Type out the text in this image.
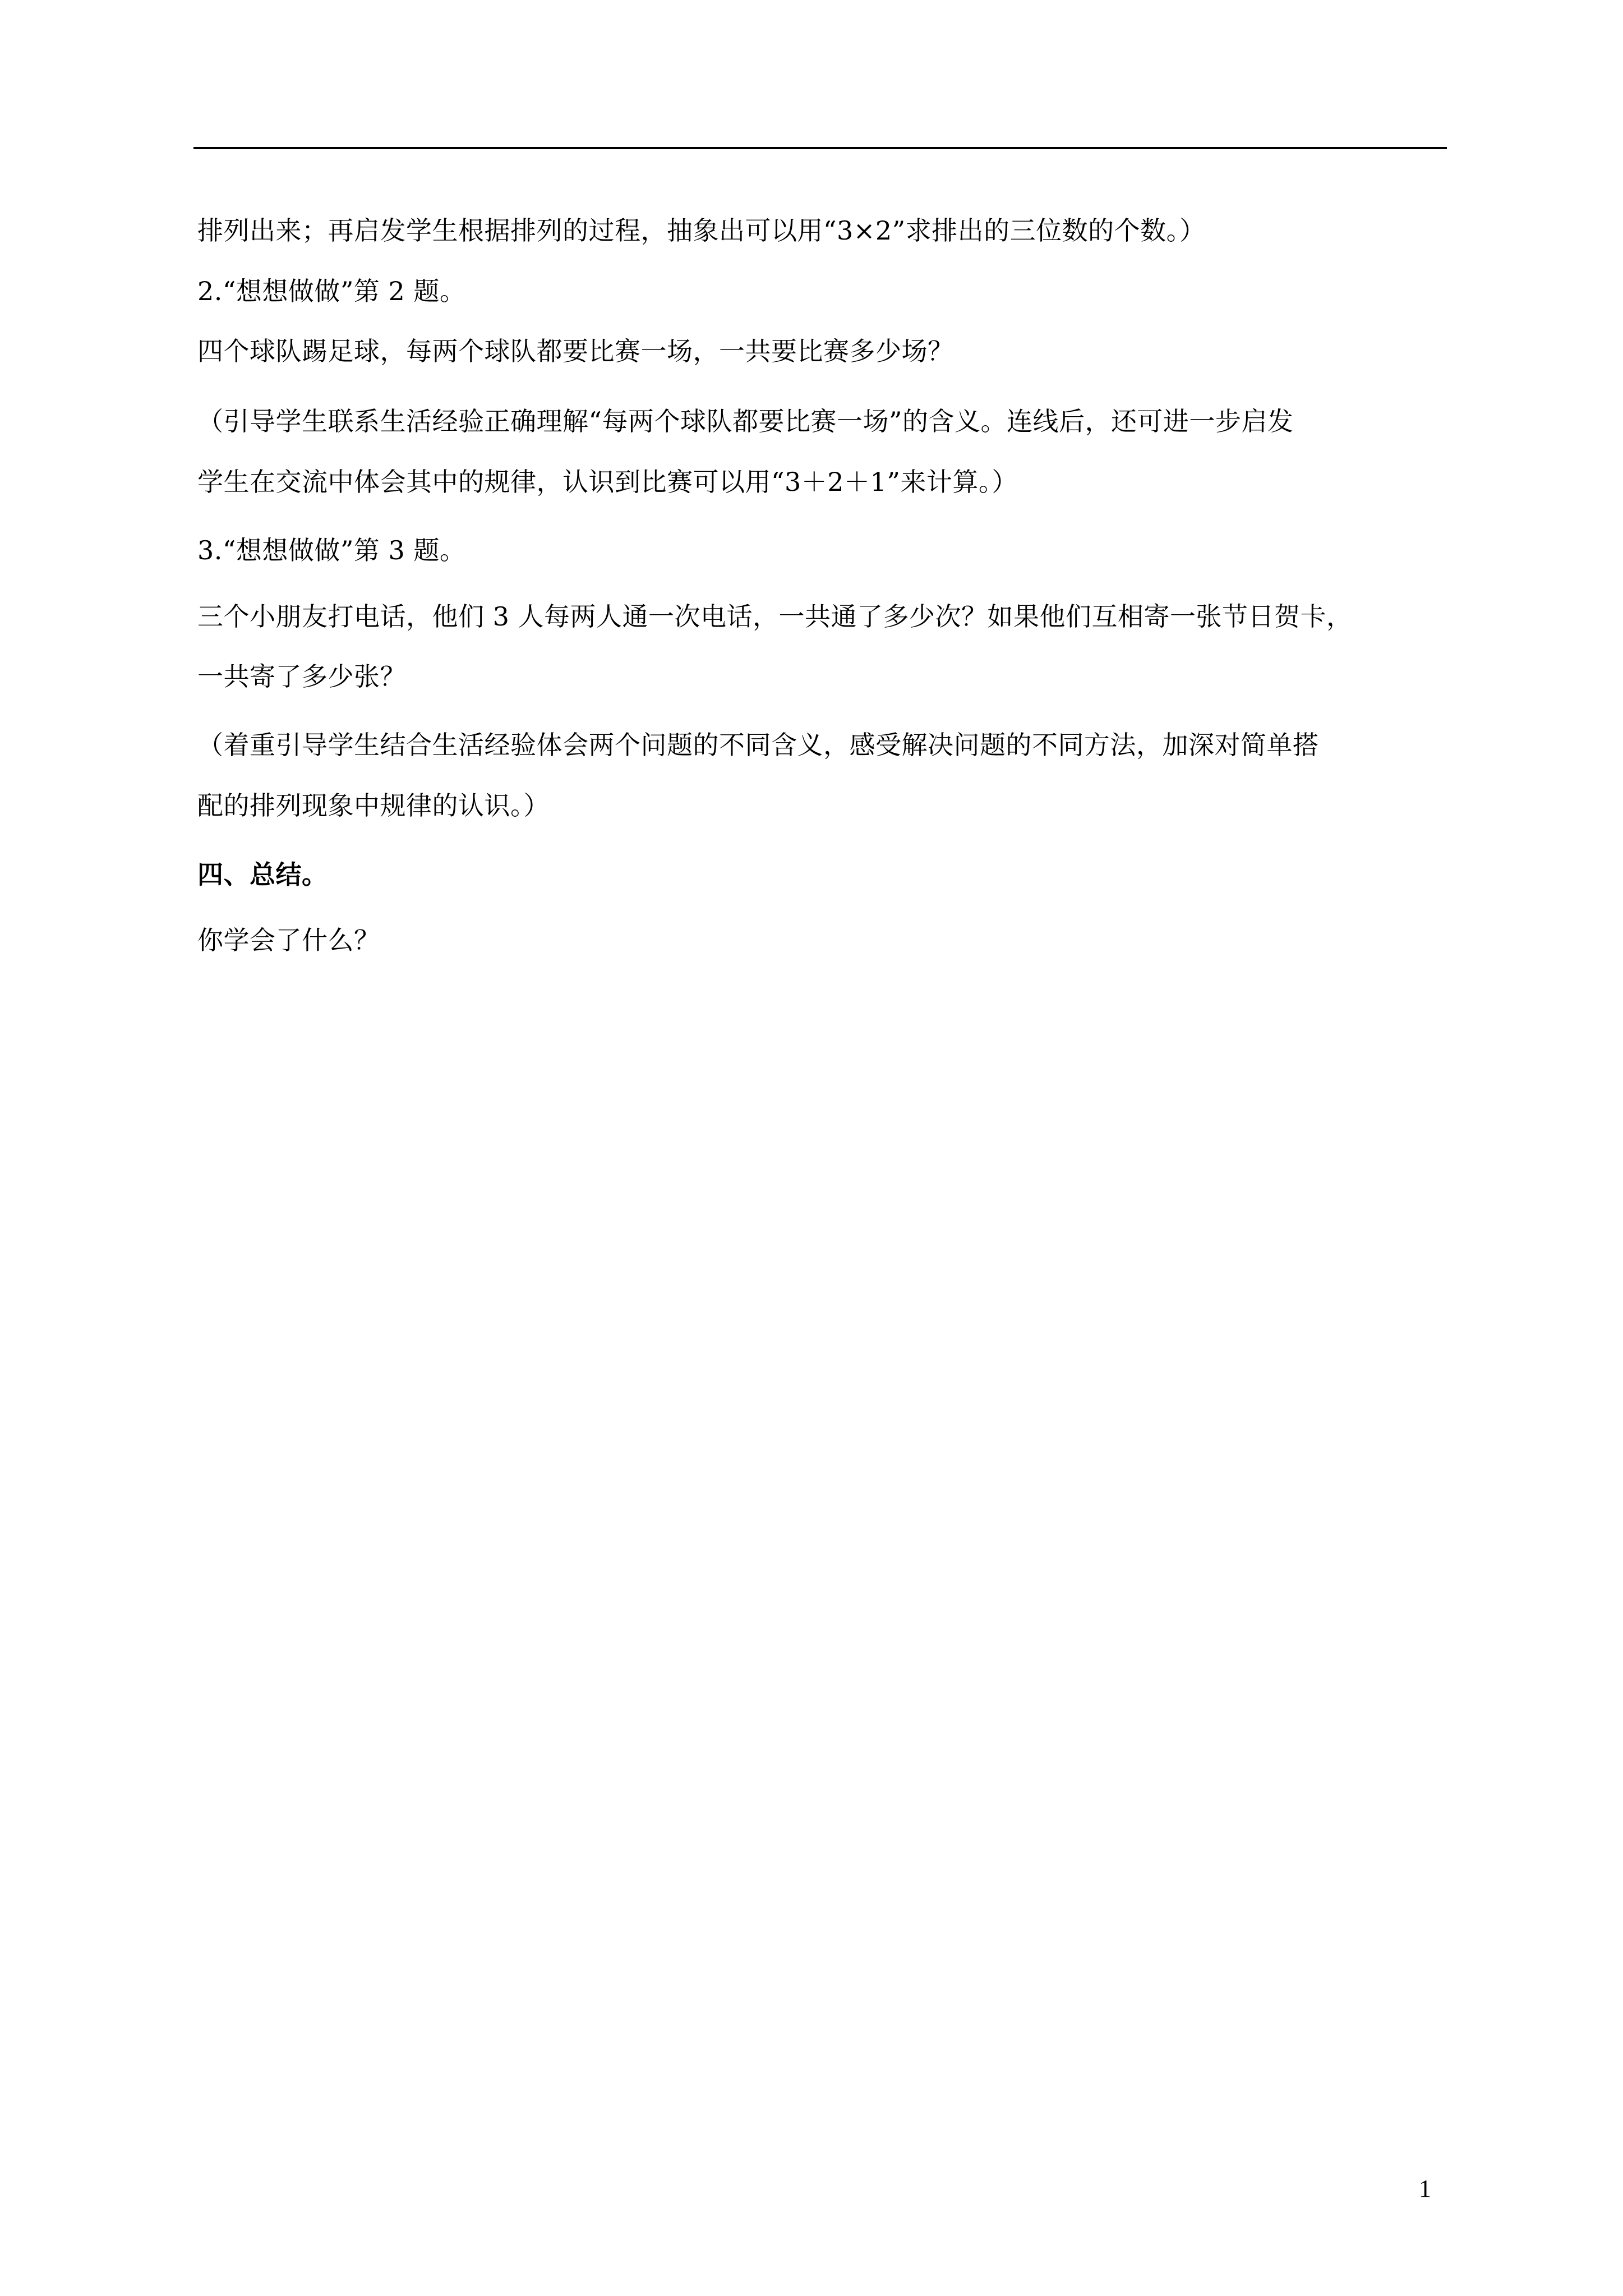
排列出来；再启发学生根据排列的过程，抽象出可以用“3×2”求排出的三位数的个数。）
2.“想想做做”第 2 题。
四个球队踢足球，每两个球队都要比赛一场，一共要比赛多少场？
（引导学生联系生活经验正确理解“每两个球队都要比赛一场”的含义。连线后，还可进一步启发
学生在交流中体会其中的规律，认识到比赛可以用“3＋2＋1”来计算。）
3.“想想做做”第 3 题。
三个小朋友打电话，他们 3 人每两人通一次电话，一共通了多少次？如果他们互相寄一张节日贺卡，
一共寄了多少张？
（着重引导学生结合生活经验体会两个问题的不同含义，感受解决问题的不同方法，加深对简单搭
配的排列现象中规律的认识。）
四、总结。
你学会了什么？
1
